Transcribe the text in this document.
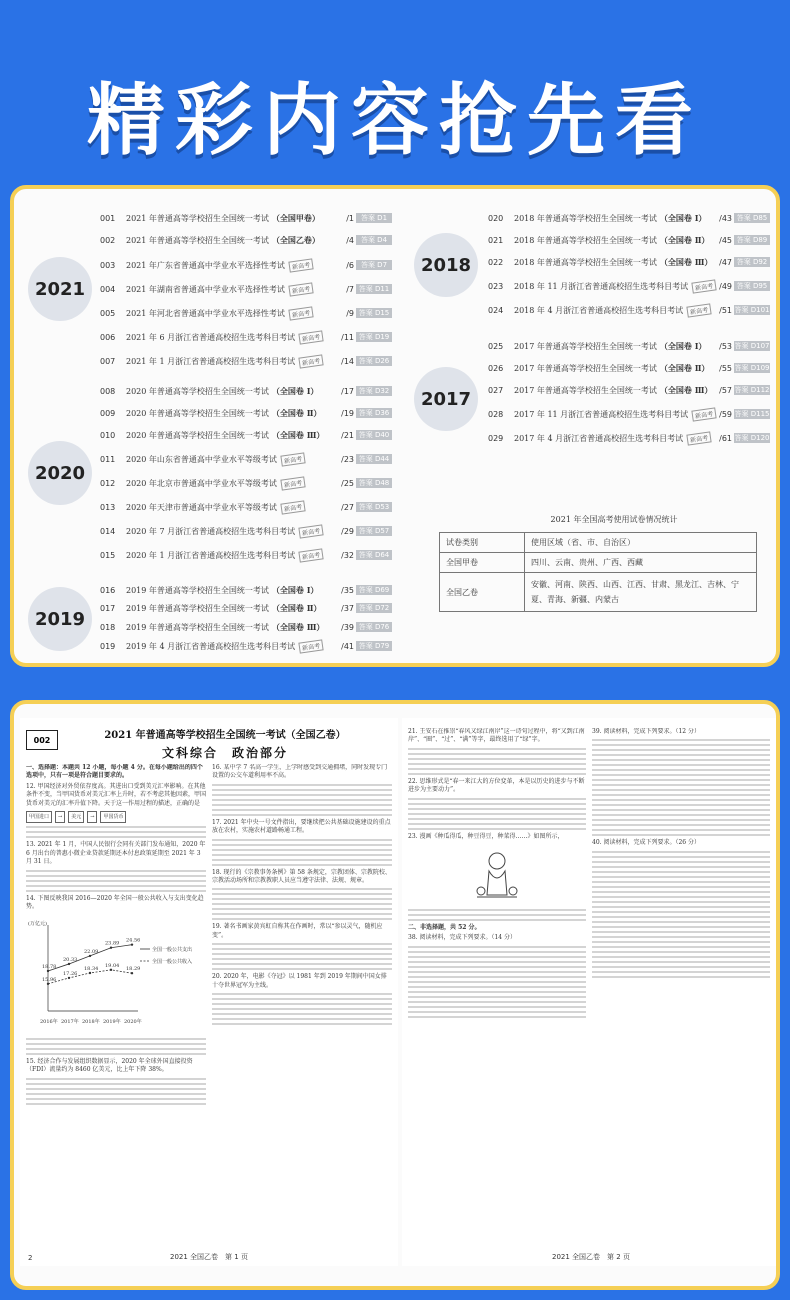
精彩内容抢先看
2021
2018
2017
2020
2019
001	2021 年普通高等学校招生全国统一考试 （全国甲卷）	/1 答案 D1
002	2021 年普通高等学校招生全国统一考试 （全国乙卷）	/4 答案 D4
003	2021 年广东省普通高中学业水平选择性考试	新高考	/6 答案 D7
004	2021 年湖南省普通高中学业水平选择性考试	新高考	/7 答案 D11
005	2021 年河北省普通高中学业水平选择性考试	新高考	/9 答案 D15
006	2021 年 6 月浙江省普通高校招生选考科目考试	新高考	/11 答案 D19
007	2021 年 1 月浙江省普通高校招生选考科目考试	新高考	/14 答案 D26
008	2020 年普通高等学校招生全国统一考试 （全国卷 Ⅰ）	/17 答案 D32
009	2020 年普通高等学校招生全国统一考试 （全国卷 Ⅱ） /19 答案 D36
010	2020 年普通高等学校招生全国统一考试 （全国卷 Ⅲ） /21 答案 D40
011	2020 年山东省普通高中学业水平等级考试	新高考	/23 答案 D44
012	2020 年北京市普通高中学业水平等级考试	新高考	/25 答案 D48
013	2020 年天津市普通高中学业水平等级考试	新高考	/27 答案 D53
014	2020 年 7 月浙江省普通高校招生选考科目考试	新高考	/29 答案 D57
015	2020 年 1 月浙江省普通高校招生选考科目考试	新高考	/32 答案 D64
016	2019 年普通高等学校招生全国统一考试 （全国卷 Ⅰ）	/35 答案 D69
017	2019 年普通高等学校招生全国统一考试 （全国卷 Ⅱ） /37 答案 D72
018	2019 年普通高等学校招生全国统一考试 （全国卷 Ⅲ） /39 答案 D76
019	2019 年 4 月浙江省普通高校招生选考科目考试	新高考	/41 答案 D79
020	2018 年普通高等学校招生全国统一考试 （全国卷 Ⅰ） /43 答案 D85
021	2018 年普通高等学校招生全国统一考试 （全国卷 Ⅱ） /45 答案 D89
022	2018 年普通高等学校招生全国统一考试 （全国卷 Ⅲ） /47 答案 D92
023	2018 年 11 月浙江省普通高校招生选考科目考试	新高考 /49 答案 D95
024	2018 年 4 月浙江省普通高校招生选考科目考试	新高考	/51 答案 D101
025	2017 年普通高等学校招生全国统一考试 （全国卷 Ⅰ） /53 答案 D107
026	2017 年普通高等学校招生全国统一考试 （全国卷 Ⅱ） /55 答案 D109
027	2017 年普通高等学校招生全国统一考试 （全国卷 Ⅲ） /57 答案 D112
028	2017 年 11 月浙江省普通高校招生选考科目考试	新高考 /59 答案 D115
029	2017 年 4 月浙江省普通高校招生选考科目考试	新高考	/61 答案 D120
2021 年全国高考使用试卷情况统计
试卷类别	使用区域（省、市、自治区）
全国甲卷	四川、云南、贵州、广西、西藏
全国乙卷	安徽、河南、陕西、山西、江西、甘肃、黑龙江、吉林、宁夏、青海、新疆、内蒙古
002	2021 年普通高等学校招生全国统一考试（全国乙卷）
文科综合　政治部分
一、选择题：本题共 12 小题，每小题 4 分。在每小题给出的四个选项中，只有一项是符合题目要求的。
12. 甲国经济对外贸依存度高。其进出口受到美元汇率影响。在其他条件不变，当甲国货币对美元汇率上升时，若不考虑其他因素，甲国货币对美元的汇率升值下降。天于这一作用过程的描述，正确的是
甲国进口	→	美元	→	甲国货币
13. 2021 年 1 月，中国人民银行会同有关部门发布通知，2020 年 6 月出台的普惠小微企业贷款延期还本付息政策延期至 2021 年 3 月 31 日。
14. 下图反映我国 2016—2020 年全国一般公共收入与支出变化趋势。
(万亿元)
2016年 2017年 2018年 2019年 2020年
18.78
20.33
22.09
23.89
24.56
全国一般公共支出
15.96
17.26
18.34
19.04
18.29
全国一般公共收入
15. 经济合作与发展组织数据显示，2020 年全球外国直接投资（FDI）流量约为 8460 亿美元，比上年下降 38%。
16. 某中学 7 名高一学生，上学时感受到交通拥堵，同时发现专门设置的公交车道利用率不高。
17. 2021 年中央一号文件指出，要继续把公共基础设施建设的重点放在农村，实施农村道路畅通工程。
18. 现行的《宗教事务条例》第 58 条规定，宗教团体、宗教院校、宗教活动场所和宗教教职人员应当遵守法律、法规、规章。
19. 著名书画家黄宾虹自称其在作画时，常以“参以灵气，随机应变”。
20. 2020 年，电影《夺冠》以 1981 年到 2019 年期间中国女排十夺世界冠军为主线。
2	2021 全国乙卷　第 1 页
21. 王安石在推崇“春风又绿江南岸”这一诗句过程中，将“又到江南岸”、“圈”、“过”、“满”等字，最终选用了“绿”字。
22. 思维形式是“春一来江大的方位変革，本是以历史的进步与不断进步为主要动力”。
23. 漫画《种瓜得瓜，种豆得豆，种菜得……》如图所示，
二、非选择题，共 52 分。
38. 阅读材料，完成下列要求。（14 分）
39. 阅读材料，完成下列要求。（12 分）
40. 阅读材料，完成下列要求。（26 分）
2021 全国乙卷　第 2 页
